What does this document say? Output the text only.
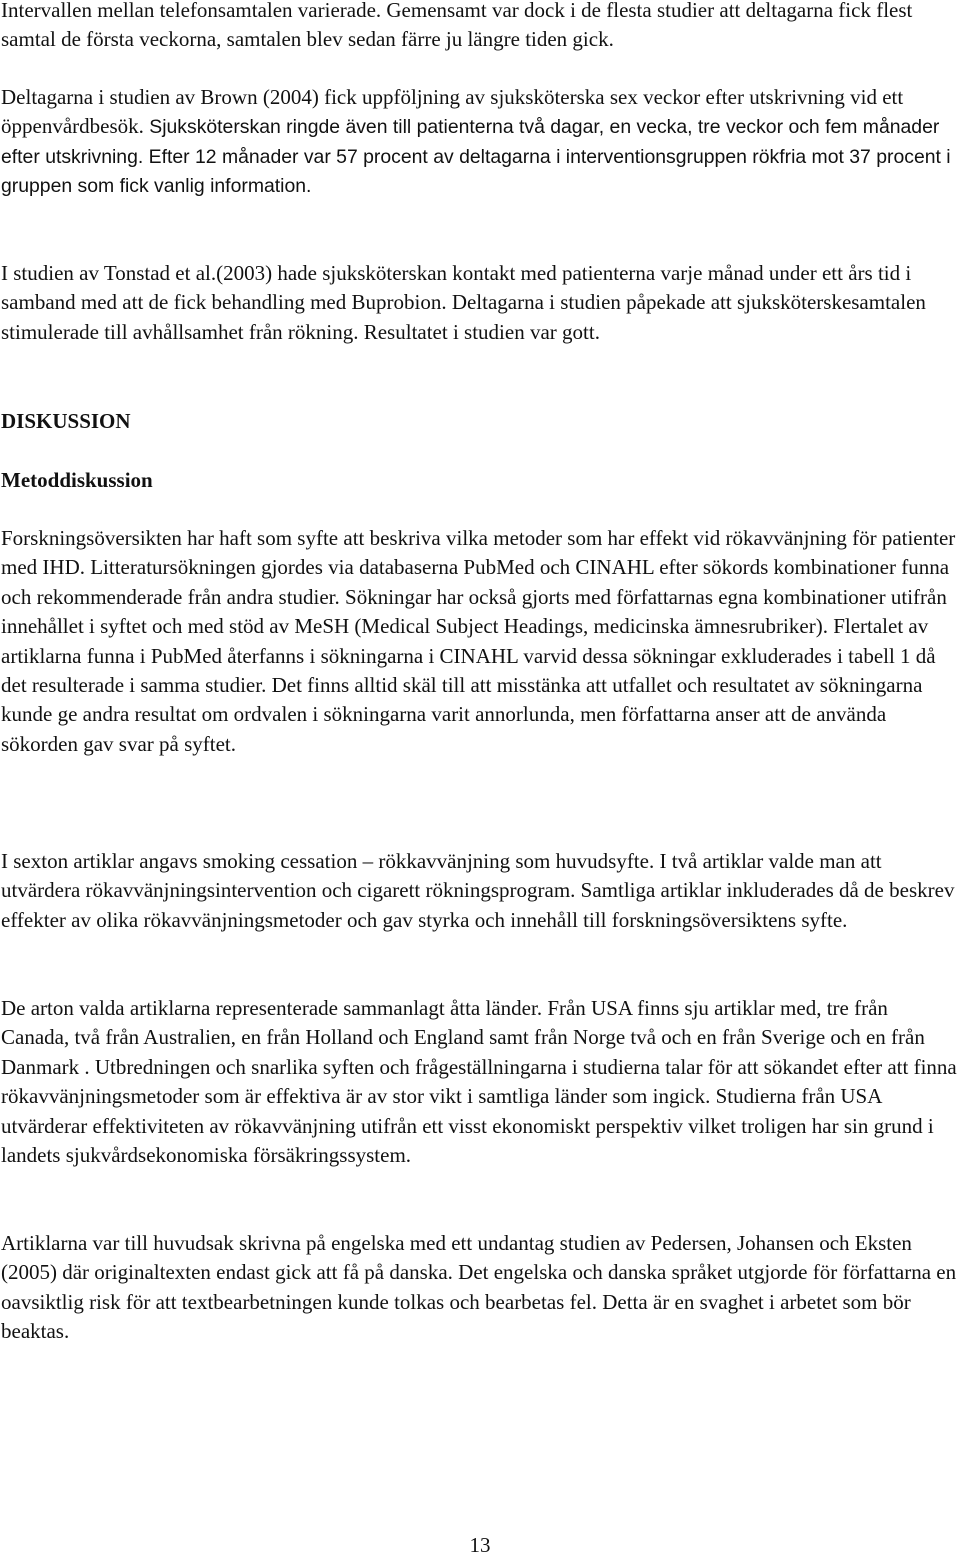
Intervallen mellan telefonsamtalen varierade. Gemensamt var dock i de flesta studier att deltagarna fick flest samtal de första veckorna, samtalen blev sedan färre ju längre tiden gick.

Deltagarna i studien av Brown (2004) fick uppföljning av sjuksköterska sex veckor efter utskrivning vid ett öppenvårdbesök. Sjuksköterskan ringde även till patienterna två dagar, en vecka, tre veckor och fem månader efter utskrivning. Efter 12 månader var 57 procent av deltagarna i interventionsgruppen rökfria mot 37 procent i gruppen som fick vanlig information.

I studien av Tonstad et al.(2003) hade sjuksköterskan kontakt med patienterna varje månad under ett års tid i samband med att de fick behandling med Buprobion. Deltagarna i studien påpekade att sjuksköterskesamtalen stimulerade till avhållsamhet från rökning. Resultatet i studien var gott.

DISKUSSION
Metoddiskussion

Forskningsöversikten har haft som syfte att beskriva vilka metoder som har effekt vid rökavvänjning för patienter med IHD. Litteratursökningen gjordes via databaserna PubMed och CINAHL efter sökords kombinationer funna och rekommenderade från andra studier. Sökningar har också gjorts med författarnas egna kombinationer utifrån innehållet i syftet och med stöd av MeSH (Medical Subject Headings, medicinska ämnesrubriker). Flertalet av artiklarna funna i PubMed återfanns i sökningarna i CINAHL varvid dessa sökningar exkluderades i tabell 1 då det resulterade i samma studier. Det finns alltid skäl till att misstänka att utfallet och resultatet av sökningarna kunde ge andra resultat om ordvalen i sökningarna varit annorlunda, men författarna anser att de använda sökorden gav svar på syftet.

I sexton artiklar angavs smoking cessation – rökkavvänjning som huvudsyfte. I två artiklar valde man att utvärdera rökavvänjningsintervention och cigarett rökningsprogram. Samtliga artiklar inkluderades då de beskrev effekter av olika rökavvänjningsmetoder och gav styrka och innehåll till forskningsöversiktens syfte.

De arton valda artiklarna representerade sammanlagt åtta länder. Från USA finns sju artiklar med, tre från Canada, två från Australien, en från Holland och England samt från Norge två och en från Sverige och en från Danmark . Utbredningen och snarlika syften och frågeställningarna i studierna talar för att sökandet efter att finna rökavvänjningsmetoder som är effektiva är av stor vikt i samtliga länder som ingick. Studierna från USA utvärderar effektiviteten av rökavvänjning utifrån ett visst ekonomiskt perspektiv vilket troligen har sin grund i landets sjukvårdsekonomiska försäkringssystem.

Artiklarna var till huvudsak skrivna på engelska med ett undantag studien av Pedersen, Johansen och Eksten (2005) där originaltexten endast gick att få på danska. Det engelska och danska språket utgjorde för författarna en oavsiktlig risk för att textbearbetningen kunde tolkas och bearbetas fel. Detta är en svaghet i arbetet som bör beaktas.

13
